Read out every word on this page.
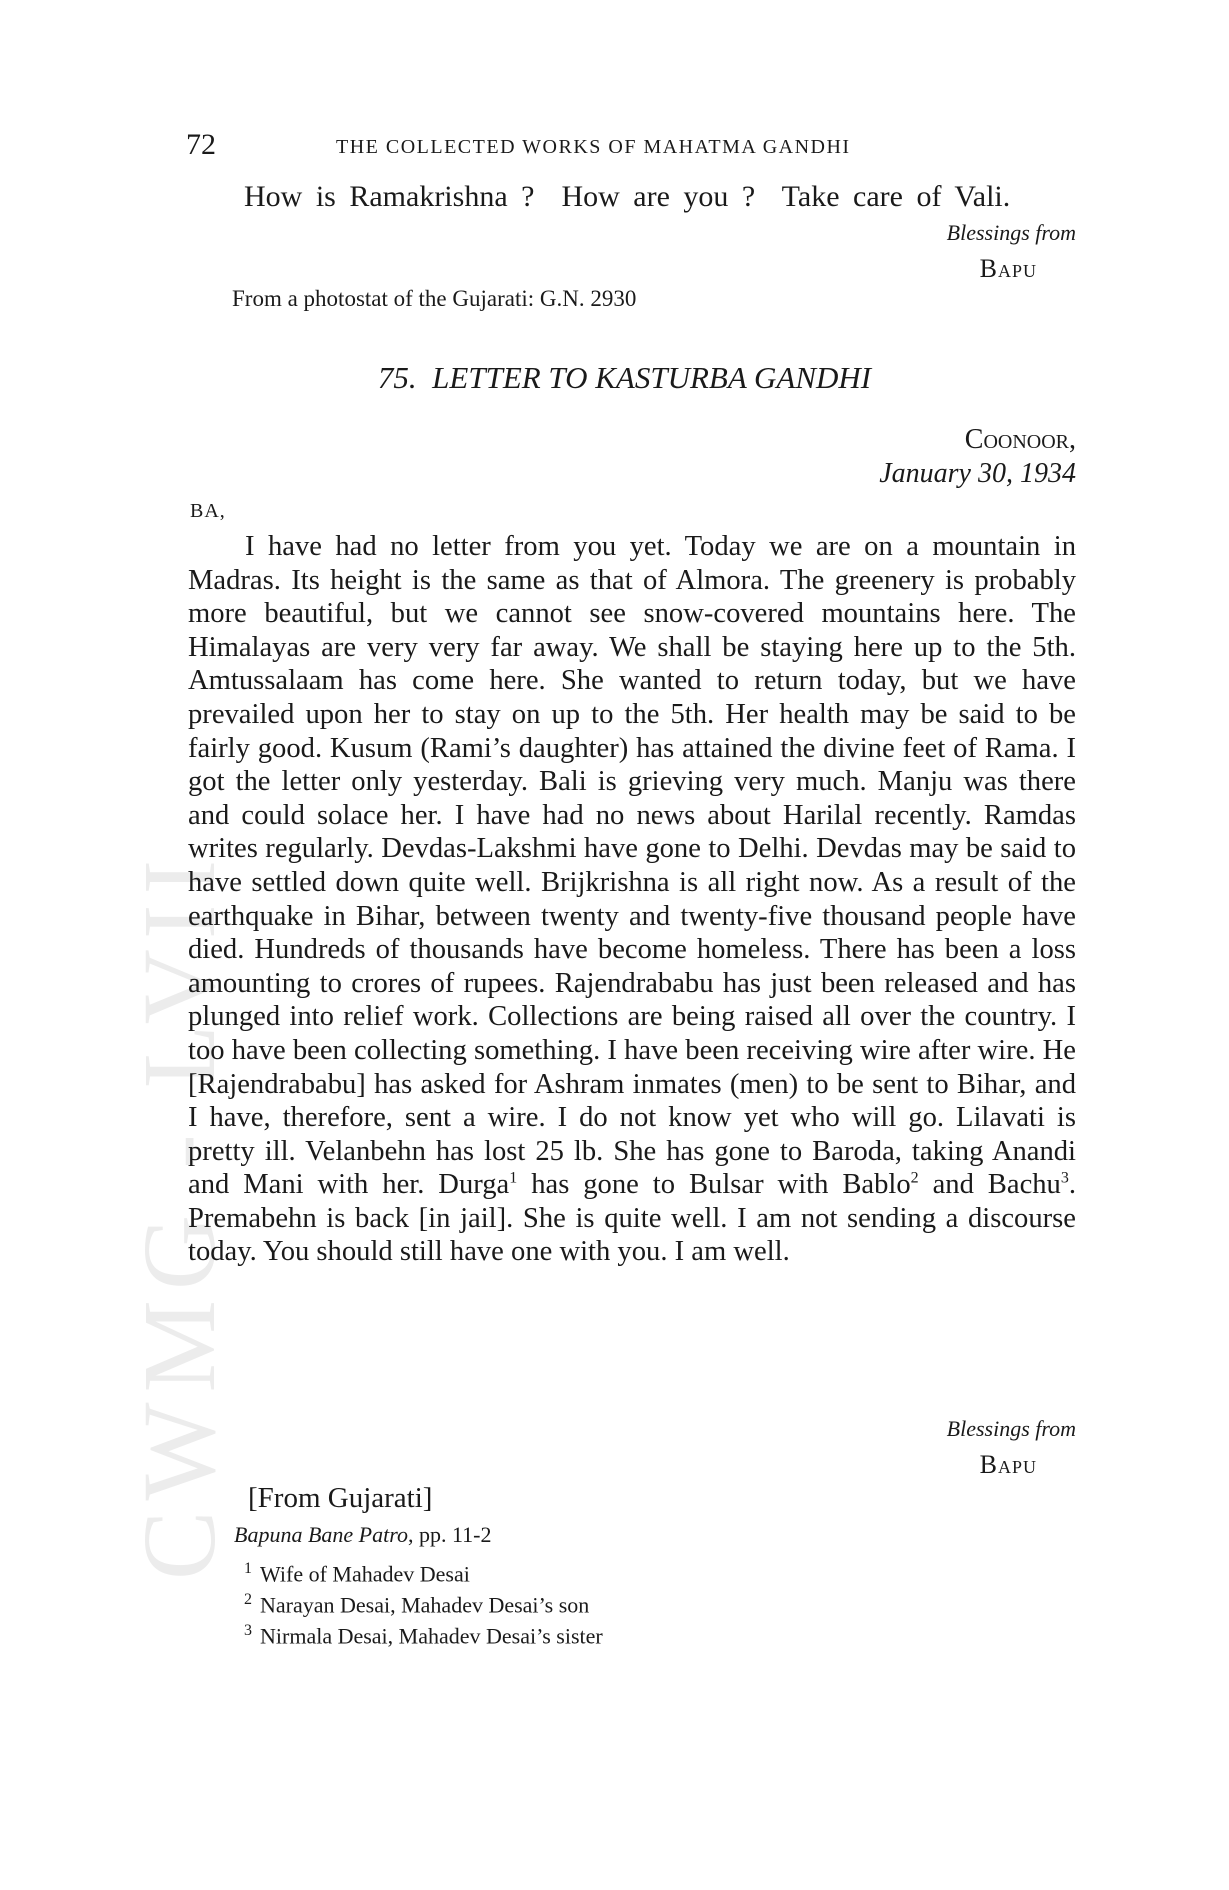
CWMG - LVII
72	THE COLLECTED WORKS OF MAHATMA GANDHI
How is Ramakrishna ?  How are you ?  Take care of Vali.
Blessings from
Bapu
From a photostat of the Gujarati: G.N. 2930
75.  LETTER TO KASTURBA GANDHI
Coonoor,
January 30, 1934
BA,

I have had no letter from you yet. Today we are on a mountain in Madras. Its height is the same as that of Almora. The greenery is probably more beautiful, but we cannot see snow-covered mountains here. The Himalayas are very very far away. We shall be staying here up to the 5th. Amtussalaam has come here. She wanted to return today, but we have prevailed upon her to stay on up to the 5th. Her health may be said to be fairly good. Kusum (Rami’s daughter) has attained the divine feet of Rama. I got the letter only yesterday. Bali is grieving very much. Manju was there and could solace her. I have had no news about Harilal recently. Ramdas writes regularly. Devdas-Lakshmi have gone to Delhi. Devdas may be said to have settled down quite well. Brijkrishna is all right now. As a result of the earthquake in Bihar, between twenty and twenty-five thousand people have died. Hundreds of thousands have become homeless. There has been a loss amounting to crores of rupees. Rajendrababu has just been released and has plunged into relief work. Collections are being raised all over the country. I too have been collecting something. I have been receiving wire after wire. He [Rajendrababu] has asked for Ashram inmates (men) to be sent to Bihar, and I have, therefore, sent a wire. I do not know yet who will go. Lilavati is pretty ill. Velanbehn has lost 25 lb. She has gone to Baroda, taking Anandi and Mani with her. Durga$^1$ has gone to Bulsar with Bablo$^2$ and Bachu$^3$. Premabehn is back [in jail]. She is quite well. I am not sending a discourse today. You should still have one with you. I am well.

Blessings from
Bapu
[From Gujarati]
Bapuna Bane Patro, pp. 11-2
$^1$ Wife of Mahadev Desai
$^2$ Narayan Desai, Mahadev Desai’s son
$^3$ Nirmala Desai, Mahadev Desai’s sister
